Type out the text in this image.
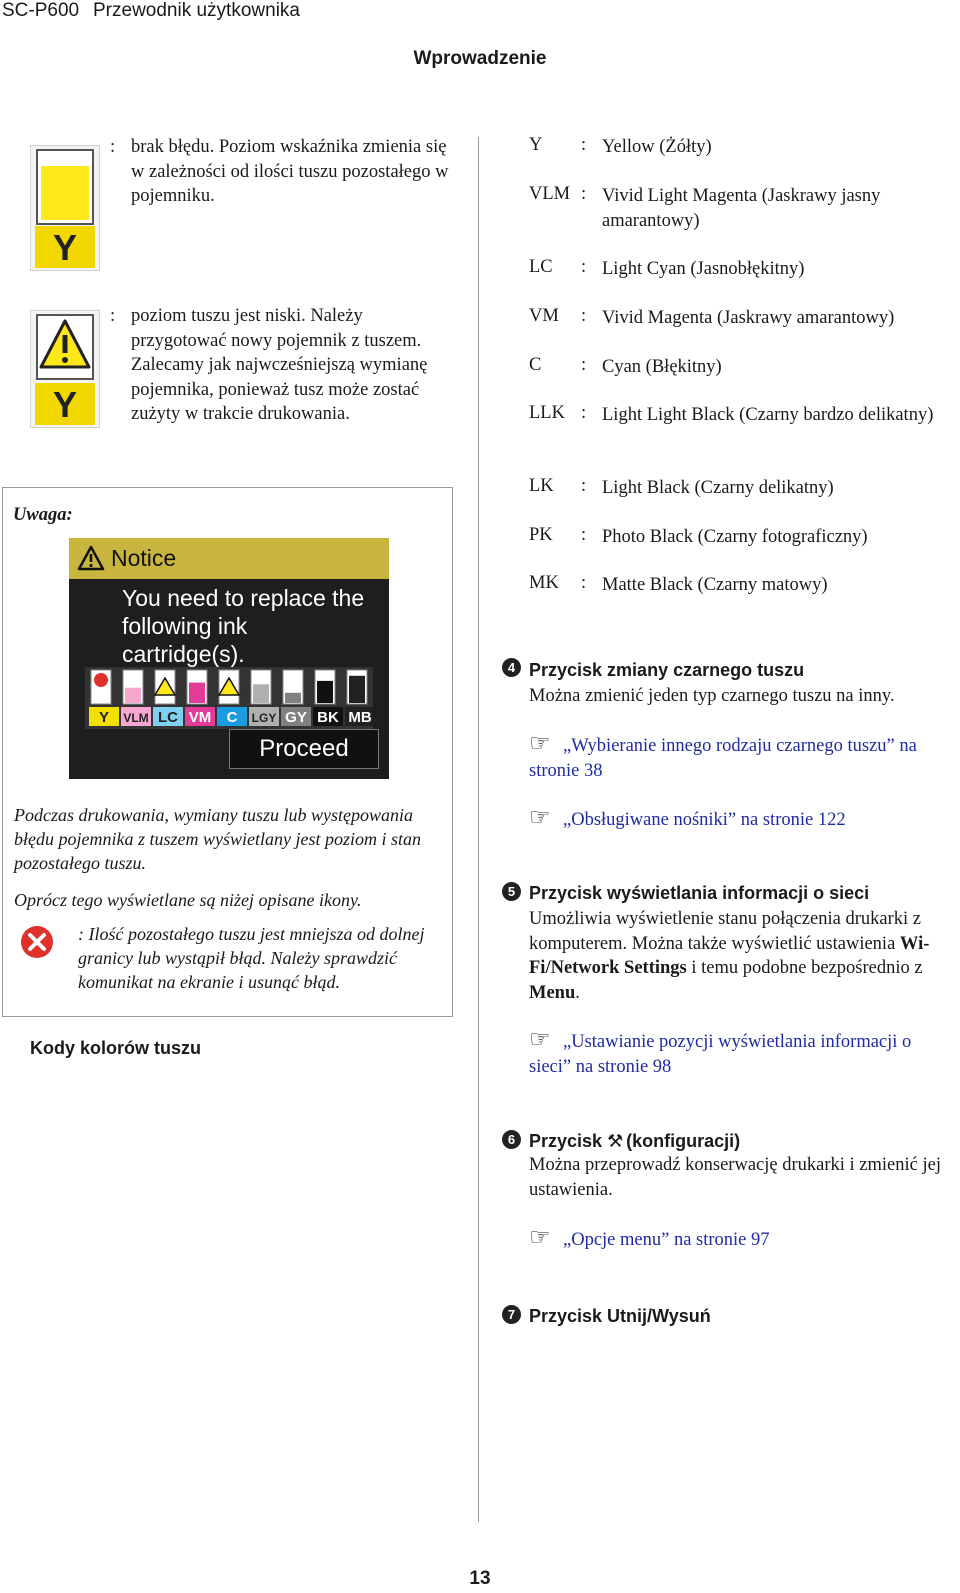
SC-P600 Przewodnik użytkownika
Wprowadzenie
Y
: brak błędu. Poziom wskaźnika zmienia się w zależności od ilości tuszu pozostałego w pojemniku.
Y
: poziom tuszu jest niski. Należy przygotować nowy pojemnik z tuszem. Zalecamy jak najwcześniejszą wymianę pojemnika, ponieważ tusz może zostać zużyty w trakcie drukowania.
Uwaga:
Notice
You need to replace the following ink cartridge(s).
Y VLM LC VM C LGY GY BK MB
Proceed
Podczas drukowania, wymiany tuszu lub występowania błędu pojemnika z tuszem wyświetlany jest poziom i stan pozostałego tuszu.
Oprócz tego wyświetlane są niżej opisane ikony.
: Ilość pozostałego tuszu jest mniejsza od dolnej granicy lub wystąpił błąd. Należy sprawdzić komunikat na ekranie i usunąć błąd.
Kody kolorów tuszu
Y : Yellow (Żółty)
VLM : Vivid Light Magenta (Jaskrawy jasny amarantowy)
LC : Light Cyan (Jasnobłękitny)
VM : Vivid Magenta (Jaskrawy amarantowy)
C : Cyan (Błękitny)
LLK : Light Light Black (Czarny bardzo delikatny)
LK : Light Black (Czarny delikatny)
PK : Photo Black (Czarny fotograficzny)
MK : Matte Black (Czarny matowy)
4 Przycisk zmiany czarnego tuszu
Można zmienić jeden typ czarnego tuszu na inny.
☞ „Wybieranie innego rodzaju czarnego tuszu” na stronie 38
☞ „Obsługiwane nośniki” na stronie 122
5 Przycisk wyświetlania informacji o sieci
Umożliwia wyświetlenie stanu połączenia drukarki z komputerem. Można także wyświetlić ustawienia Wi-Fi/Network Settings i temu podobne bezpośrednio z Menu.
☞ „Ustawianie pozycji wyświetlania informacji o sieci” na stronie 98
6 Przycisk ⚒ (konfiguracji)
Można przeprowadź konserwację drukarki i zmienić jej ustawienia.
☞ „Opcje menu” na stronie 97
7 Przycisk Utnij/Wysuń
13
